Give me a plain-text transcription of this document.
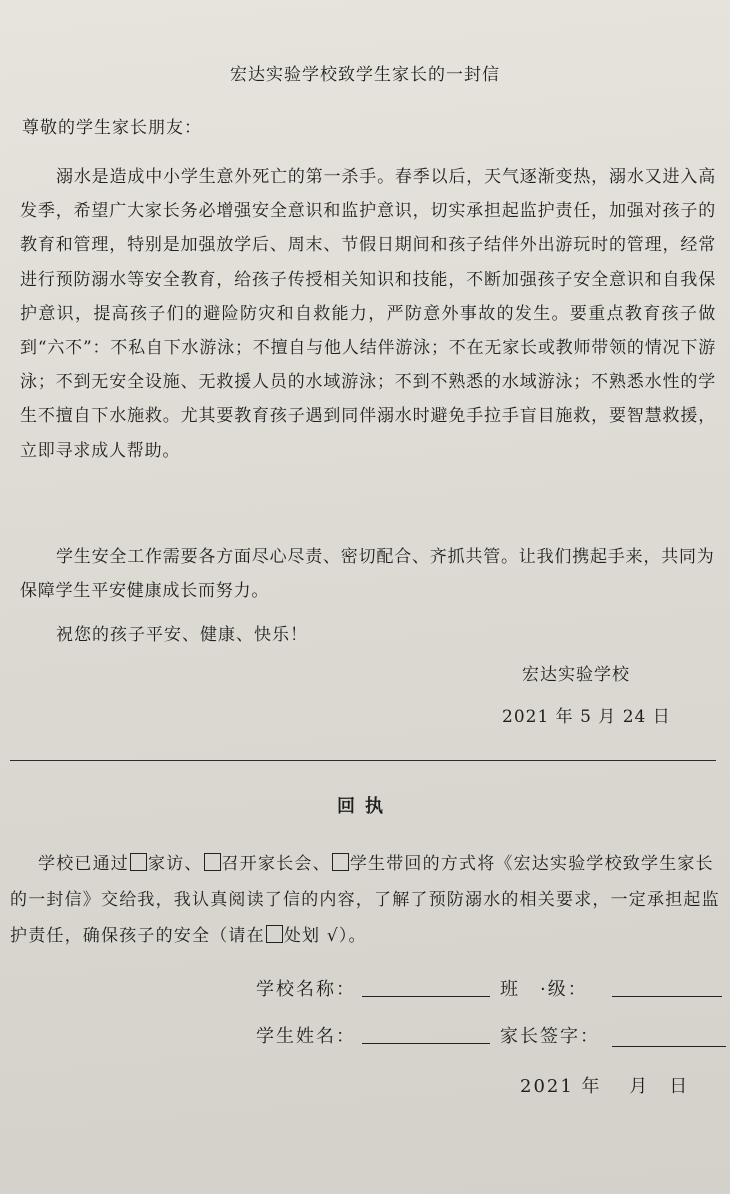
宏达实验学校致学生家长的一封信
尊敬的学生家长朋友：

溺水是造成中小学生意外死亡的第一杀手。春季以后，天气逐渐变热，溺水又进入高发季，希望广大家长务必增强安全意识和监护意识，切实承担起监护责任，加强对孩子的教育和管理，特别是加强放学后、周末、节假日期间和孩子结伴外出游玩时的管理，经常进行预防溺水等安全教育，给孩子传授相关知识和技能，不断加强孩子安全意识和自我保护意识，提高孩子们的避险防灾和自救能力，严防意外事故的发生。要重点教育孩子做到“六不”：不私自下水游泳；不擅自与他人结伴游泳；不在无家长或教师带领的情况下游泳；不到无安全设施、无救援人员的水域游泳；不到不熟悉的水域游泳；不熟悉水性的学生不擅自下水施救。尤其要教育孩子遇到同伴溺水时避免手拉手盲目施救，要智慧救援，立即寻求成人帮助。

学生安全工作需要各方面尽心尽责、密切配合、齐抓共管。让我们携起手来，共同为保障学生平安健康成长而努力。

祝您的孩子平安、健康、快乐！
宏达实验学校
2021 年 5 月 24 日
回执

学校已通过 家访、 召开家长会、 学生带回的方式将《宏达实验学校致学生家长的一封信》交给我，我认真阅读了信的内容，了解了预防溺水的相关要求，一定承担起监护责任，确保孩子的安全（请在 处划 √）。

学校名称：	班　·级：
学生姓名：	家长签字：
2021 年　 月　日
